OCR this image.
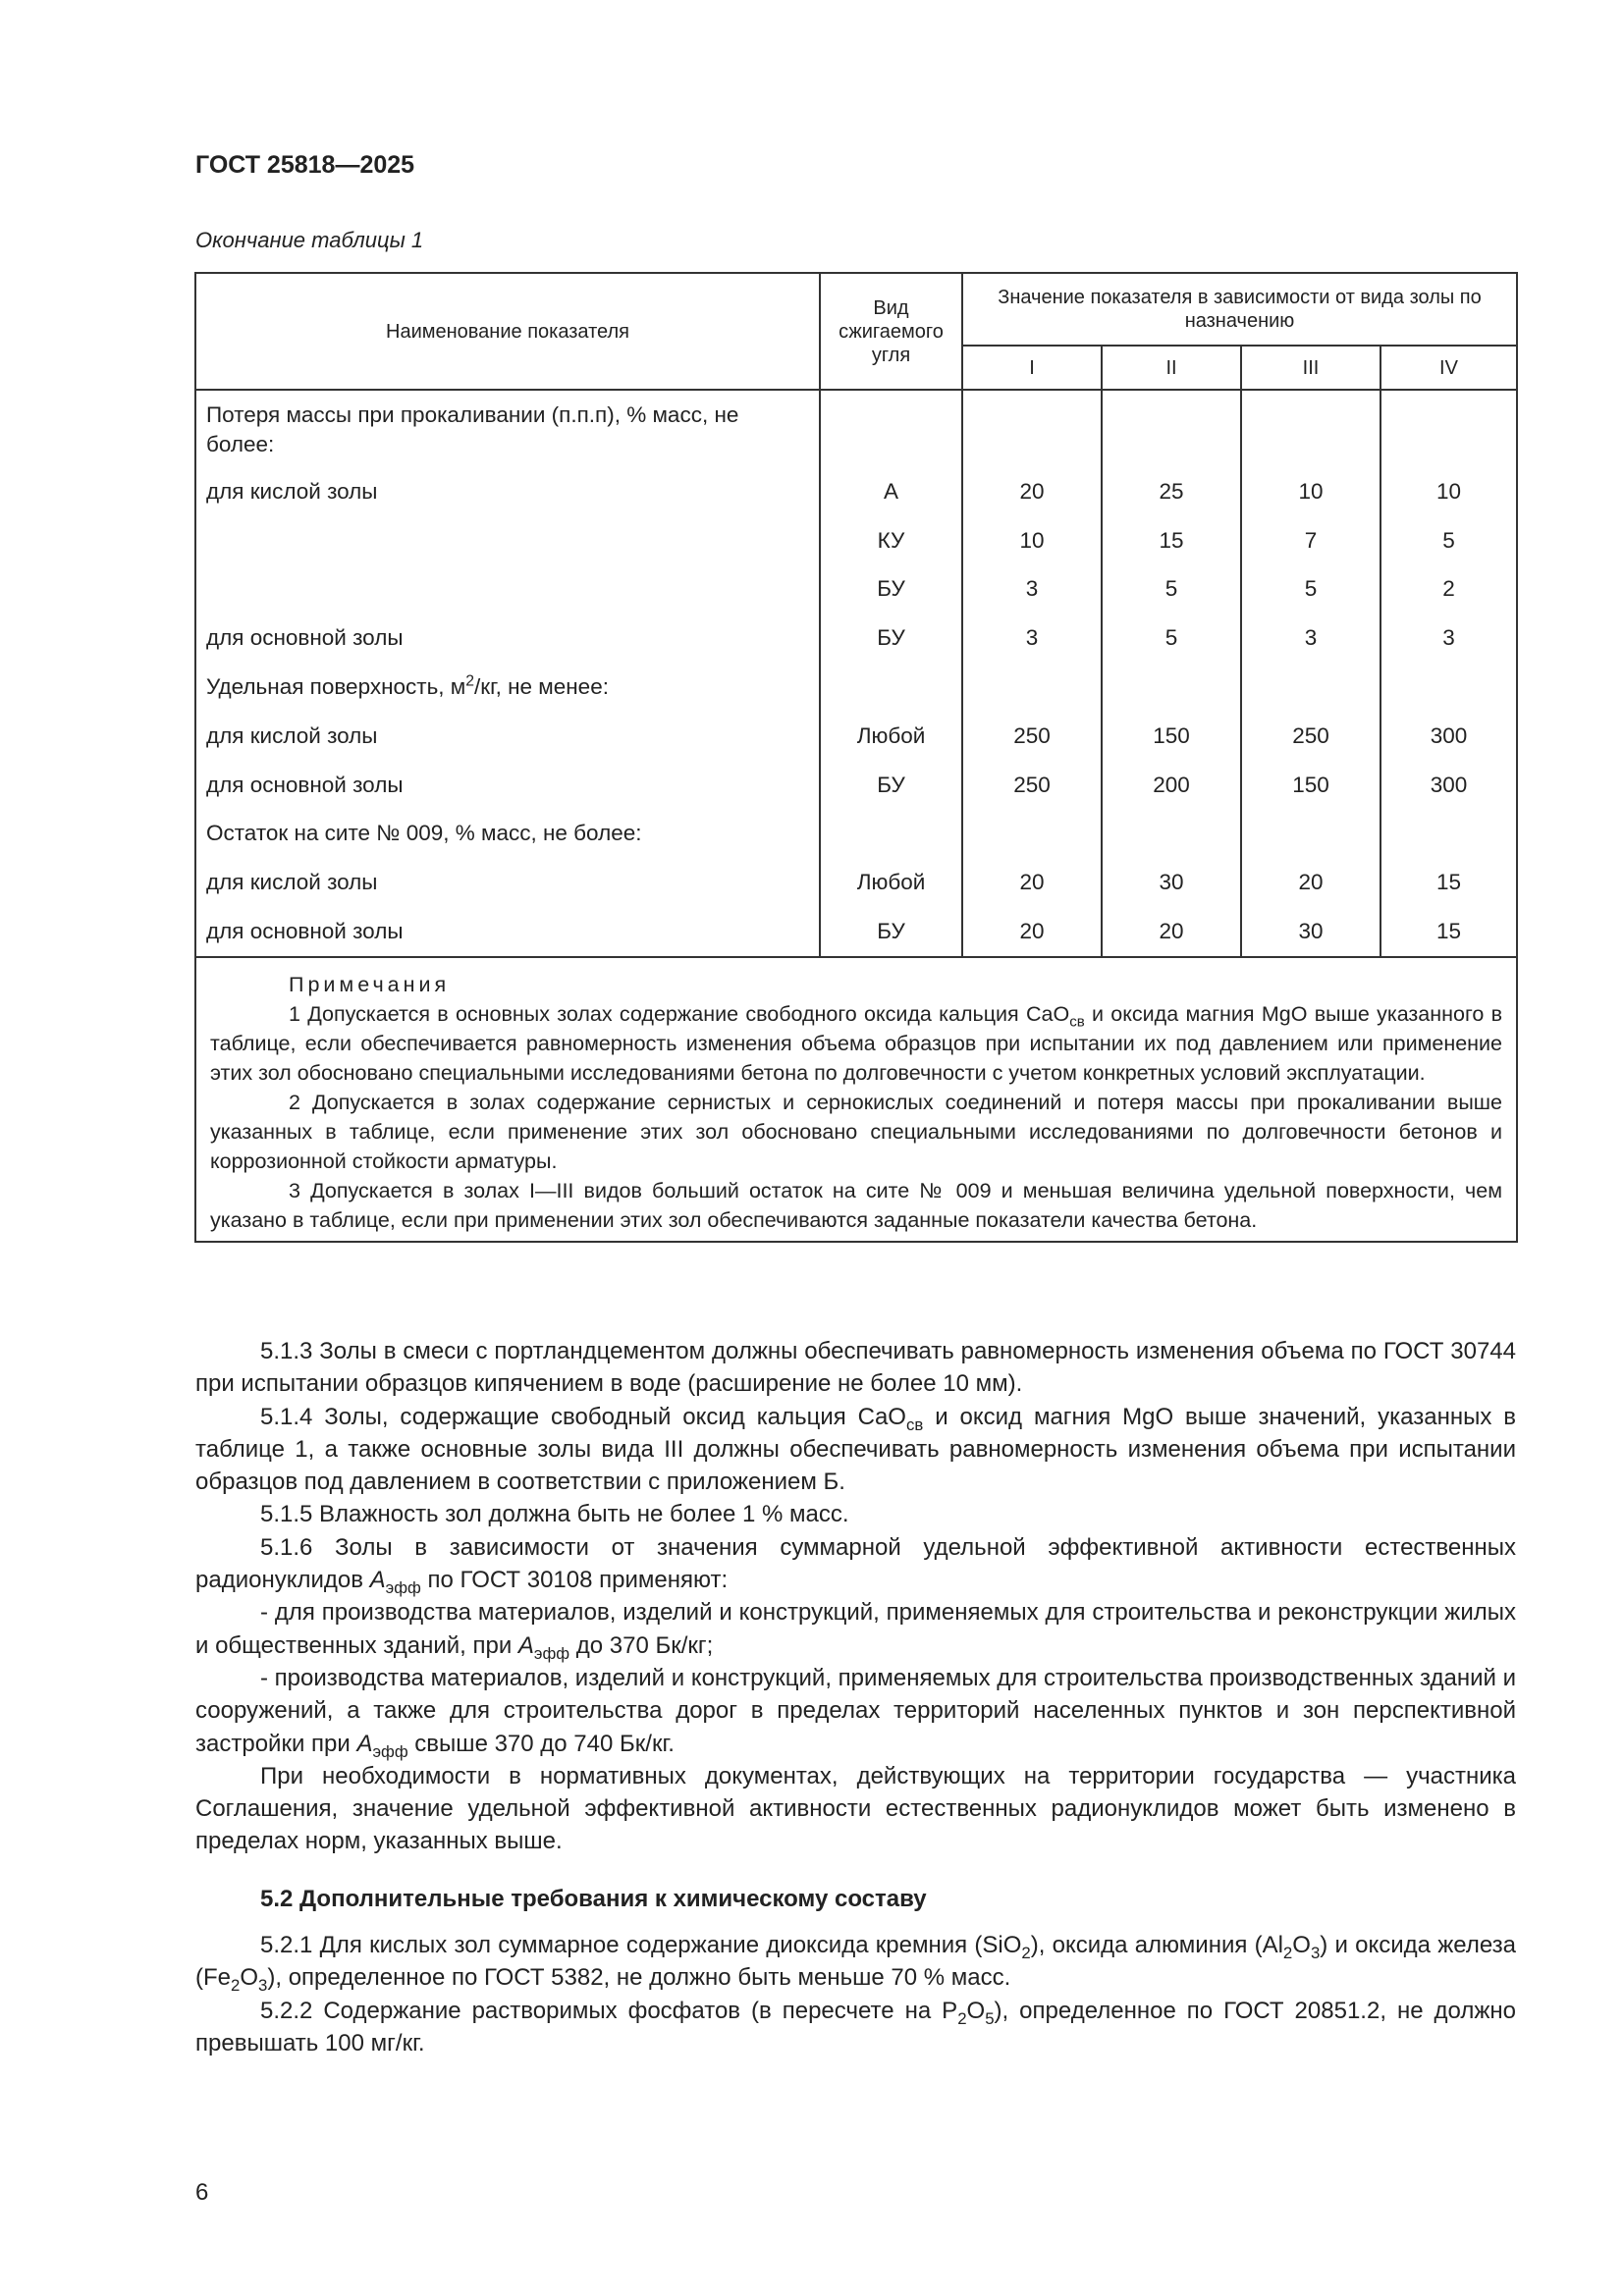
ГОСТ 25818—2025
Окончание таблицы 1
Наименование показателя	Вид сжигаемого угля	Значение показателя в зависимости от вида золы по назначению			
		I	II	III	IV
Потеря массы при прокаливании (п.п.п), % масс, не более:					
для кислой золы	А	20	25	10	10
	КУ	10	15	7	5
	БУ	3	5	5	2
для основной золы	БУ	3	5	3	3
Удельная поверхность, $м^2/кг$, не менее:					
для кислой золы	Любой	250	150	250	300
для основной золы	БУ	250	200	150	300
Остаток на сите № 009, % масс, не более:					
для кислой золы	Любой	20	30	20	15
для основной золы	БУ	20	20	30	15

Примечания
1 Допускается в основных золах содержание свободного оксида кальция CaO$_{св}$ и оксида магния MgO выше указанного в таблице, если обеспечивается равномерность изменения объема образцов при испытании их под давлением или применение этих зол обосновано специальными исследованиями бетона по долговечности с учетом конкретных условий эксплуатации.
2 Допускается в золах содержание сернистых и сернокислых соединений и потеря массы при прокаливании выше указанных в таблице, если применение этих зол обосновано специальными исследованиями по долговечности бетонов и коррозионной стойкости арматуры.
3 Допускается в золах I—III видов больший остаток на сите № 009 и меньшая величина удельной поверхности, чем указано в таблице, если при применении этих зол обеспечиваются заданные показатели качества бетона.					

5.1.3 Золы в смеси с портландцементом должны обеспечивать равномерность изменения объема по ГОСТ 30744 при испытании образцов кипячением в воде (расширение не более 10 мм).

5.1.4 Золы, содержащие свободный оксид кальция CaO$_{св}$ и оксид магния MgO выше значений, указанных в таблице 1, а также основные золы вида III должны обеспечивать равномерность изменения объема при испытании образцов под давлением в соответствии с приложением Б.

5.1.5 Влажность зол должна быть не более 1 % масс.

5.1.6 Золы в зависимости от значения суммарной удельной эффективной активности естественных радионуклидов $А_{эфф}$ по ГОСТ 30108 применяют:

- для производства материалов, изделий и конструкций, применяемых для строительства и реконструкции жилых и общественных зданий, при $А_{эфф}$ до 370 Бк/кг;

- производства материалов, изделий и конструкций, применяемых для строительства производственных зданий и сооружений, а также для строительства дорог в пределах территорий населенных пунктов и зон перспективной застройки при $А_{эфф}$ свыше 370 до 740 Бк/кг.

При необходимости в нормативных документах, действующих на территории государства — участника Соглашения, значение удельной эффективной активности естественных радионуклидов может быть изменено в пределах норм, указанных выше.

5.2 Дополнительные требования к химическому составу

5.2.1 Для кислых зол суммарное содержание диоксида кремния (SiO$_2$), оксида алюминия $(Al_2O_3)$ и оксида железа $(Fe_2O_3)$, определенное по ГОСТ 5382, не должно быть меньше 70 % масс.

5.2.2 Содержание растворимых фосфатов (в пересчете на $P_2O_5$), определенное по ГОСТ 20851.2, не должно превышать 100 мг/кг.

6
